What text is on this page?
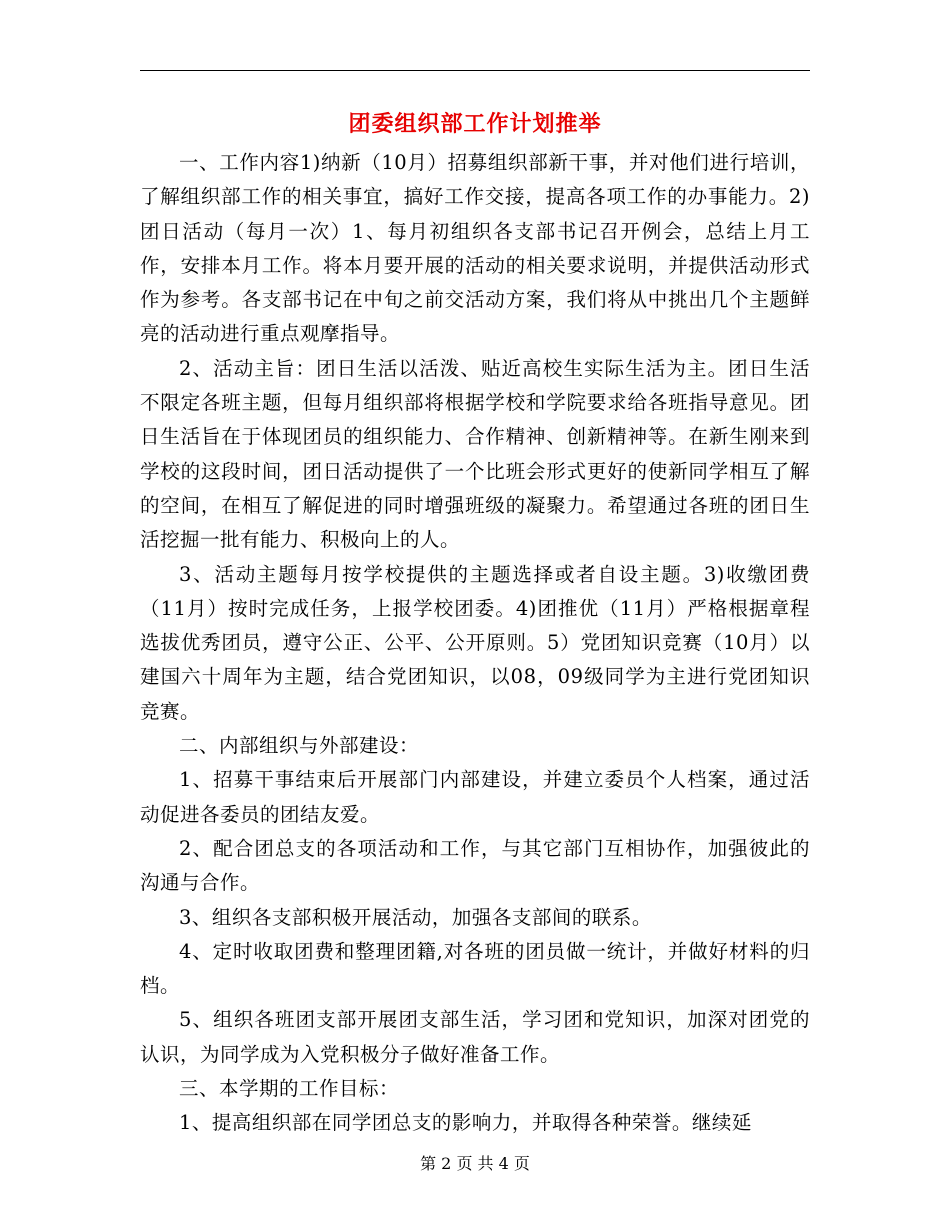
团委组织部工作计划推举

一、工作内容1)纳新（10月）招募组织部新干事，并对他们进行培训，了解组织部工作的相关事宜，搞好工作交接，提高各项工作的办事能力。2)团日活动（每月一次）1、每月初组织各支部书记召开例会，总结上月工作，安排本月工作。将本月要开展的活动的相关要求说明，并提供活动形式作为参考。各支部书记在中旬之前交活动方案，我们将从中挑出几个主题鲜亮的活动进行重点观摩指导。

2、活动主旨：团日生活以活泼、贴近高校生实际生活为主。团日生活不限定各班主题，但每月组织部将根据学校和学院要求给各班指导意见。团日生活旨在于体现团员的组织能力、合作精神、创新精神等。在新生刚来到学校的这段时间，团日活动提供了一个比班会形式更好的使新同学相互了解的空间，在相互了解促进的同时增强班级的凝聚力。希望通过各班的团日生活挖掘一批有能力、积极向上的人。

3、活动主题每月按学校提供的主题选择或者自设主题。3)收缴团费（11月）按时完成任务，上报学校团委。4)团推优（11月）严格根据章程选拔优秀团员，遵守公正、公平、公开原则。5）党团知识竞赛（10月）以建国六十周年为主题，结合党团知识，以08，09级同学为主进行党团知识竞赛。

二、内部组织与外部建设：

1、招募干事结束后开展部门内部建设，并建立委员个人档案，通过活动促进各委员的团结友爱。

2、配合团总支的各项活动和工作，与其它部门互相协作，加强彼此的沟通与合作。

3、组织各支部积极开展活动，加强各支部间的联系。

4、定时收取团费和整理团籍,对各班的团员做一统计，并做好材料的归档。

5、组织各班团支部开展团支部生活，学习团和党知识，加深对团党的认识，为同学成为入党积极分子做好准备工作。

三、本学期的工作目标：

1、提高组织部在同学团总支的影响力，并取得各种荣誉。继续延

第 2 页 共 4 页
